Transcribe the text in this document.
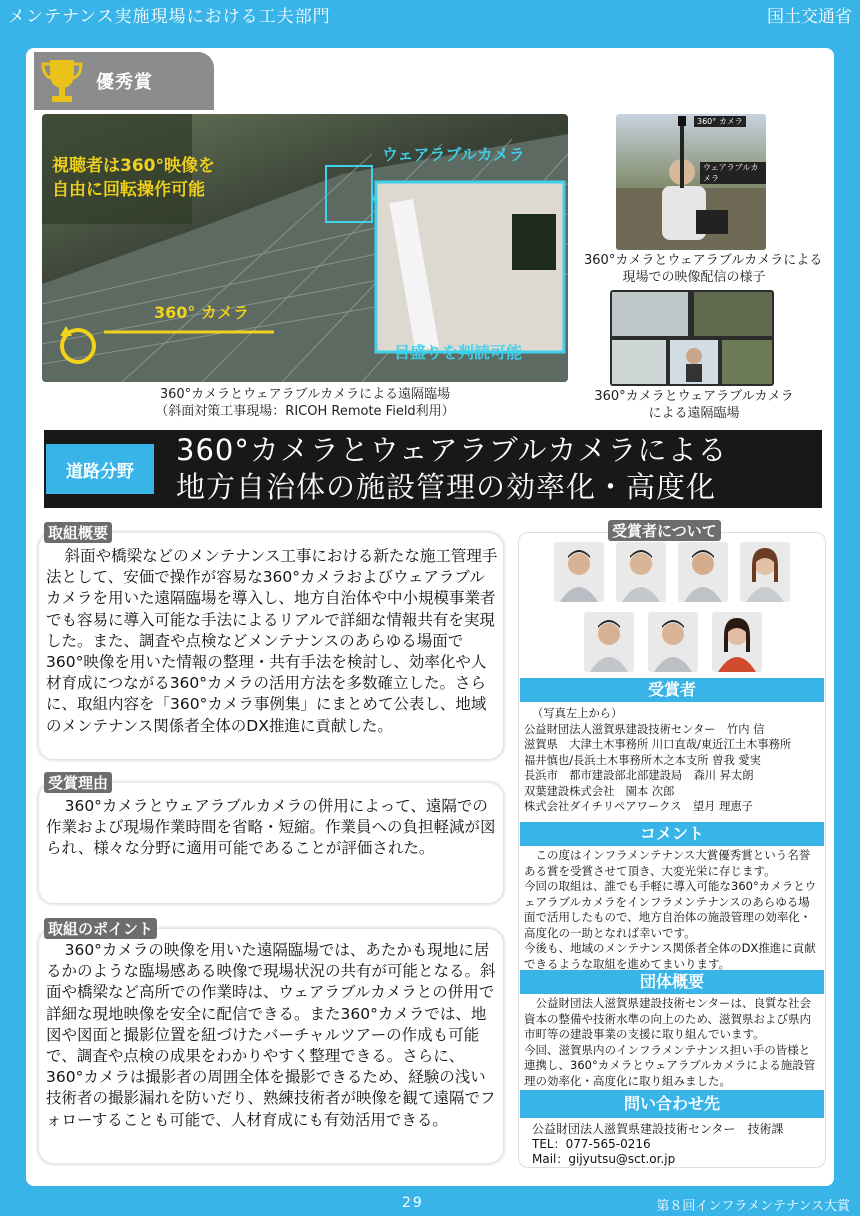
メンテナンス実施現場における工夫部門	国土交通省
優秀賞
視聴者は360°映像を
自由に回転操作可能
ウェアラブルカメラ
360° カメラ
目盛りを判読可能
360°カメラとウェアラブルカメラによる遠隔臨場
（斜面対策工事現場：RICOH Remote Field利用）
360° カメラ
ウェアラブルカメラ
360°カメラとウェアラブルカメラによる
現場での映像配信の様子
360°カメラとウェアラブルカメラ
による遠隔臨場
道路分野
360°カメラとウェアラブルカメラによる
地方自治体の施設管理の効率化・高度化
取組概要

斜面や橋梁などのメンテナンス工事における新たな施工管理手法として、安価で操作が容易な360°カメラおよびウェアラブルカメラを用いた遠隔臨場を導入し、地方自治体や中小規模事業者でも容易に導入可能な手法によるリアルで詳細な情報共有を実現した。また、調査や点検などメンテナンスのあらゆる場面で360°映像を用いた情報の整理・共有手法を検討し、効率化や人材育成につながる360°カメラの活用方法を多数確立した。さらに、取組内容を「360°カメラ事例集」にまとめて公表し、地域のメンテナンス関係者全体のDX推進に貢献した。

受賞理由

360°カメラとウェアラブルカメラの併用によって、遠隔での作業および現場作業時間を省略・短縮。作業員への負担軽減が図られ、様々な分野に適用可能であることが評価された。

取組のポイント

360°カメラの映像を用いた遠隔臨場では、あたかも現地に居るかのような臨場感ある映像で現場状況の共有が可能となる。斜面や橋梁など高所での作業時は、ウェアラブルカメラとの併用で詳細な現地映像を安全に配信できる。また360°カメラでは、地図や図面と撮影位置を紐づけたバーチャルツアーの作成も可能で、調査や点検の成果をわかりやすく整理できる。さらに、360°カメラは撮影者の周囲全体を撮影できるため、経験の浅い技術者の撮影漏れを防いだり、熟練技術者が映像を観て遠隔でフォローすることも可能で、人材育成にも有効活用できる。

受賞者について
受賞者
（写真左上から）
公益財団法人滋賀県建設技術センター　竹内 信
滋賀県　大津土木事務所 川口直哉/東近江土木事務所
福井慎也/長浜土木事務所木之本支所 曽我 愛実
長浜市　都市建設部北部建設局　森川 昇太朗
双葉建設株式会社　園本 次郎
株式会社ダイチリペアワークス　望月 理恵子
コメント
この度はインフラメンテナンス大賞優秀賞という名誉ある賞を受賞させて頂き、大変光栄に存じます。
今回の取組は、誰でも手軽に導入可能な360°カメラとウェアラブルカメラをインフラメンテナンスのあらゆる場面で活用したもので、地方自治体の施設管理の効率化・高度化の一助となれば幸いです。
今後も、地域のメンテナンス関係者全体のDX推進に貢献できるような取組を進めてまいります。
団体概要
公益財団法人滋賀県建設技術センターは、良質な社会資本の整備や技術水準の向上のため、滋賀県および県内市町等の建設事業の支援に取り組んでいます。
今回、滋賀県内のインフラメンテナンス担い手の皆様と連携し、360°カメラとウェアラブルカメラによる施設管理の効率化・高度化に取り組みました。
問い合わせ先
公益財団法人滋賀県建設技術センター　技術課
TEL：077-565-0216
Mail：gijyutsu@sct.or.jp
29	第８回インフラメンテナンス大賞
